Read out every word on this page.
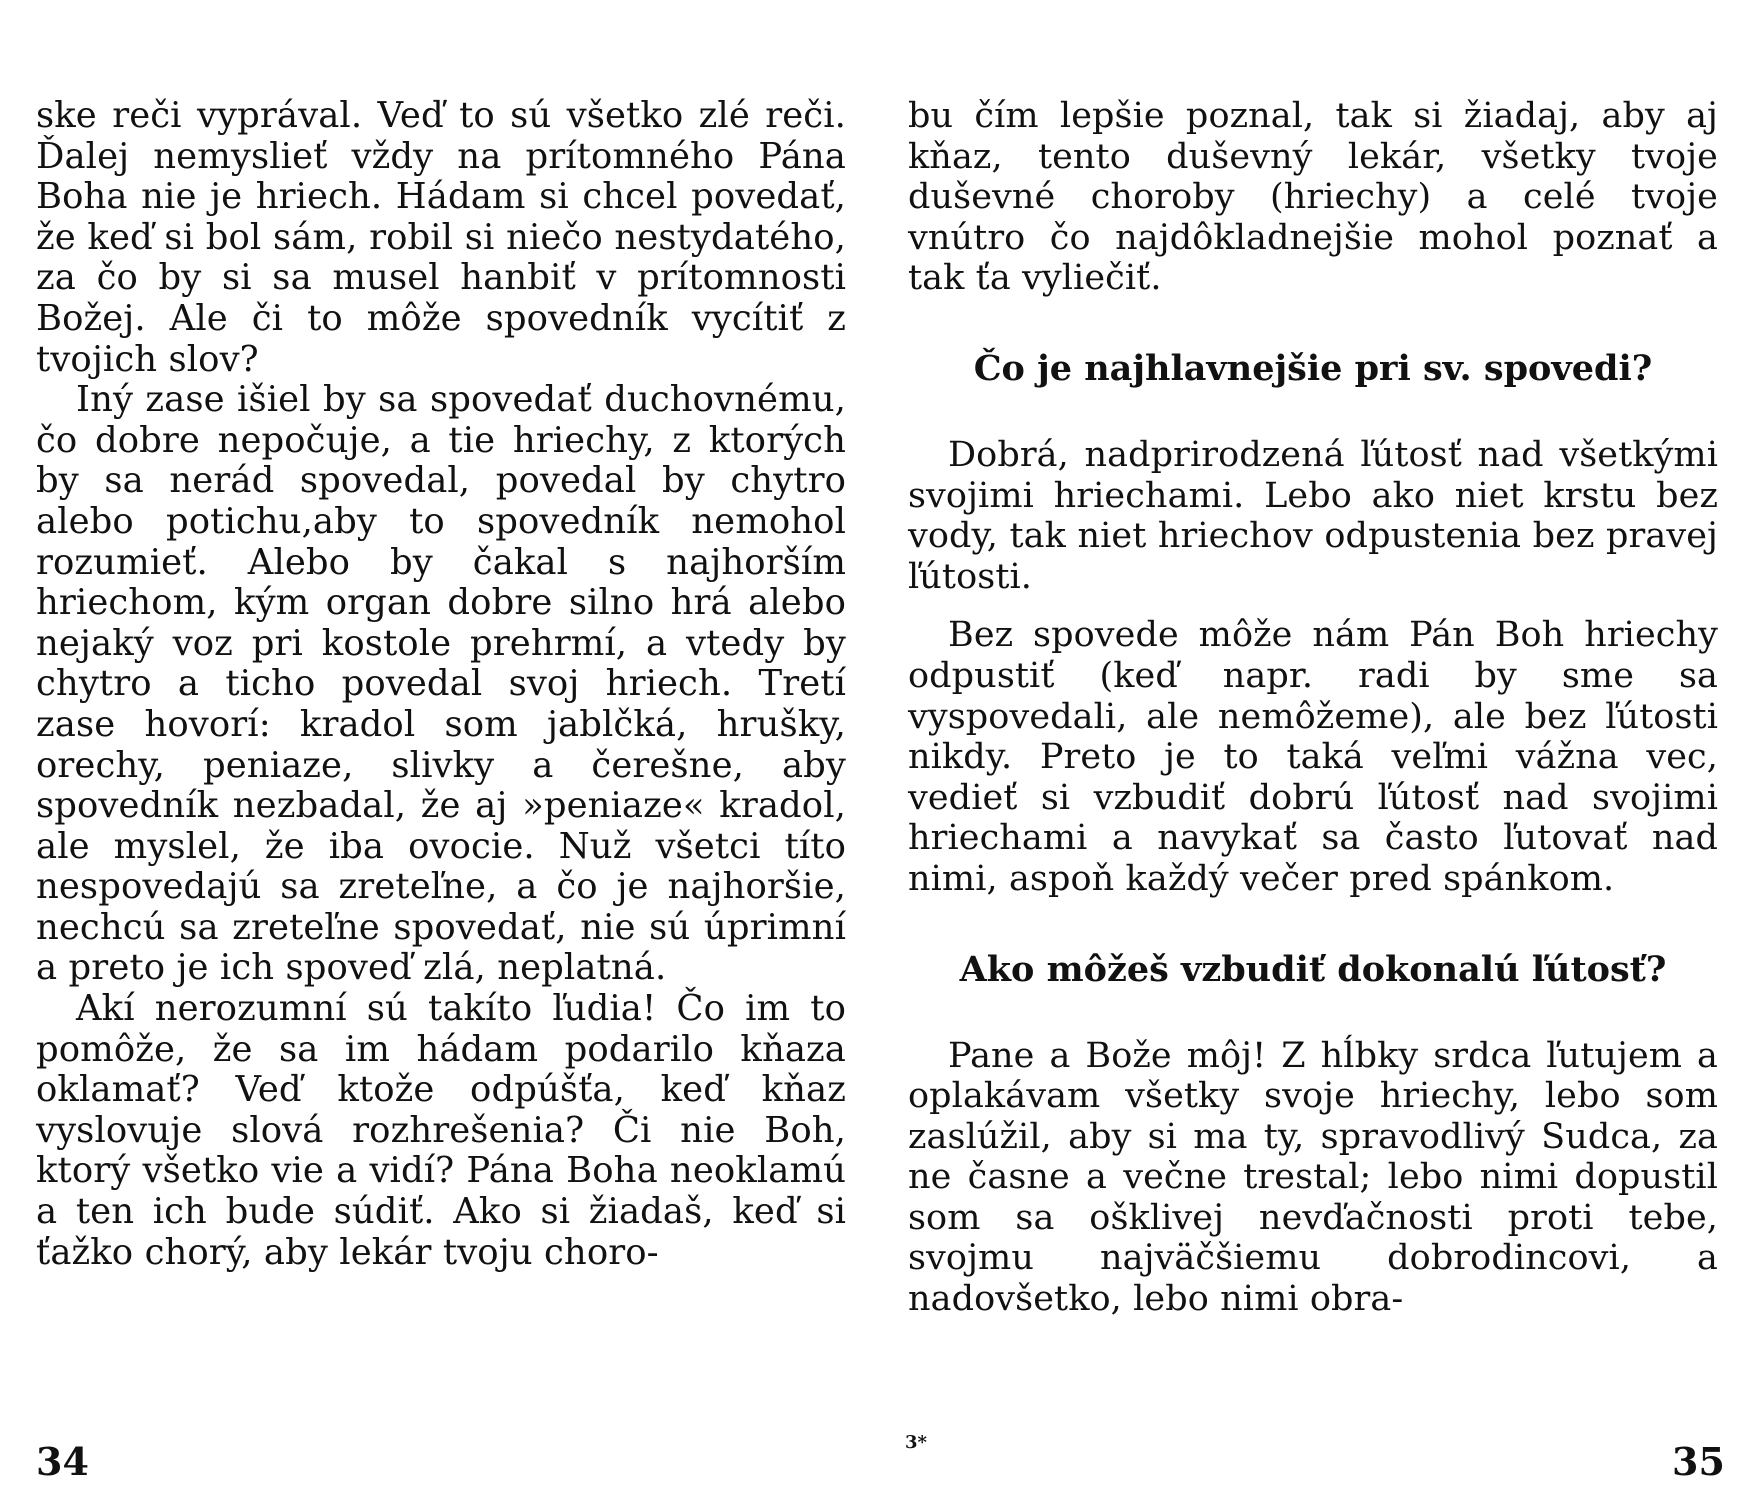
ske reči vyprával. Veď to sú všetko zlé reči. Ďalej nemyslieť vždy na prítomného Pána Boha nie je hriech. Hádam si chcel povedať, že keď si bol sám, robil si niečo nestydatého, za čo by si sa musel hanbiť v prítomnosti Božej. Ale či to môže spovedník vycítiť z tvojich slov?

Iný zase išiel by sa spovedať duchovnému, čo dobre nepočuje, a tie hriechy, z ktorých by sa nerád spovedal, povedal by chytro alebo potichu,aby to spovedník nemohol rozumieť. Alebo by čakal s najhorším hriechom, kým organ dobre silno hrá alebo nejaký voz pri kostole prehrmí, a vtedy by chytro a ticho povedal svoj hriech. Tretí zase hovorí: kradol som jablčká, hrušky, orechy, peniaze, slivky a čerešne, aby spovedník nezbadal, že aj »peniaze« kradol, ale myslel, že iba ovocie. Nuž všetci títo nespovedajú sa zreteľne, a čo je najhoršie, nechcú sa zreteľne spovedať, nie sú úprimní a preto je ich spoveď zlá, neplatná.

Akí nerozumní sú takíto ľudia! Čo im to pomôže, že sa im hádam podarilo kňaza oklamať? Veď ktože odpúšťa, keď kňaz vyslovuje slová rozhrešenia? Či nie Boh, ktorý všetko vie a vidí? Pána Boha neoklamú a ten ich bude súdiť. Ako si žiadaš, keď si ťažko chorý, aby lekár tvoju choro-

bu čím lepšie poznal, tak si žiadaj, aby aj kňaz, tento duševný lekár, všetky tvoje duševné choroby (hriechy) a celé tvoje vnútro čo najdôkladnejšie mohol poznať a tak ťa vyliečiť.

Čo je najhlavnejšie pri sv. spovedi?

Dobrá, nadprirodzená ľútosť nad všetkými svojimi hriechami. Lebo ako niet krstu bez vody, tak niet hriechov odpustenia bez pravej ľútosti.

Bez spovede môže nám Pán Boh hriechy odpustiť (keď napr. radi by sme sa vyspovedali, ale nemôžeme), ale bez ľútosti nikdy. Preto je to taká veľmi vážna vec, vedieť si vzbudiť dobrú ľútosť nad svojimi hriechami a navykať sa často ľutovať nad nimi, aspoň každý večer pred spánkom.

Ako môžeš vzbudiť dokonalú ľútosť?

Pane a Bože môj! Z hĺbky srdca ľutujem a oplakávam všetky svoje hriechy, lebo som zaslúžil, aby si ma ty, spravodlivý Sudca, za ne časne a večne trestal; lebo nimi dopustil som sa ošklivej nevďačnosti proti tebe, svojmu najväčšiemu dobrodincovi, a nadovšetko, lebo nimi obra-

34	3*	35
